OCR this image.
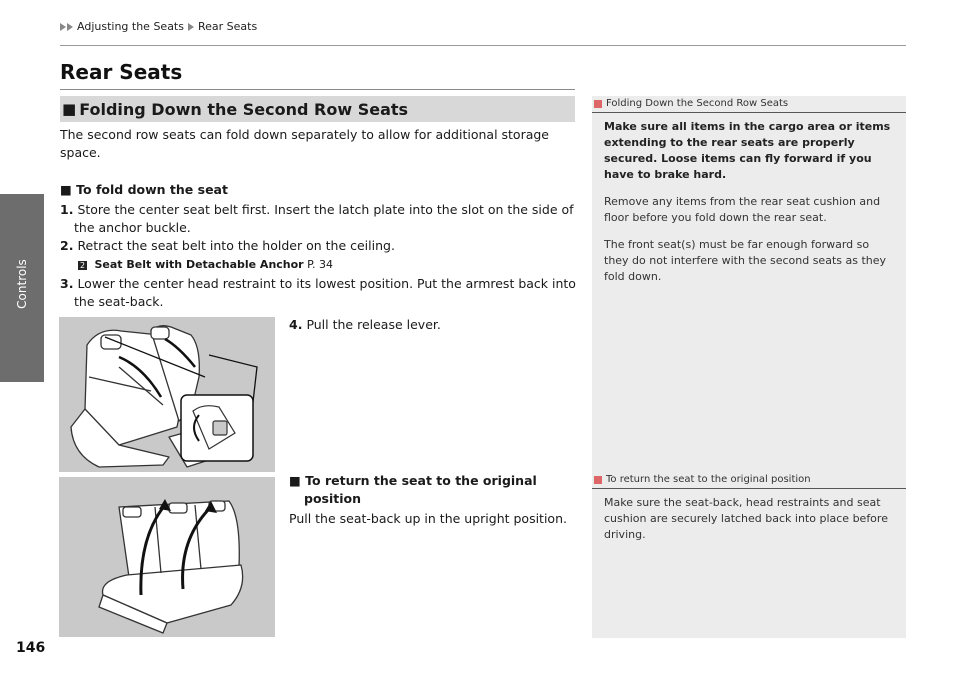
Controls
Adjusting the Seats Rear Seats
Rear Seats
■ Folding Down the Second Row Seats
The second row seats can fold down separately to allow for additional storage space.
■ To fold down the seat
1. Store the center seat belt first. Insert the latch plate into the slot on the side of the anchor buckle.
2. Retract the seat belt into the holder on the ceiling.
2 Seat Belt with Detachable Anchor P. 34
3. Lower the center head restraint to its lowest position. Put the armrest back into the seat-back.
4. Pull the release lever.
■ To return the seat to the original
position
Pull the seat-back up in the upright position.
Folding Down the Second Row Seats

Make sure all items in the cargo area or items extending to the rear seats are properly secured. Loose items can fly forward if you have to brake hard.

Remove any items from the rear seat cushion and floor before you fold down the rear seat.

The front seat(s) must be far enough forward so they do not interfere with the second seats as they fold down.

To return the seat to the original position

Make sure the seat-back, head restraints and seat cushion are securely latched back into place before driving.

146
